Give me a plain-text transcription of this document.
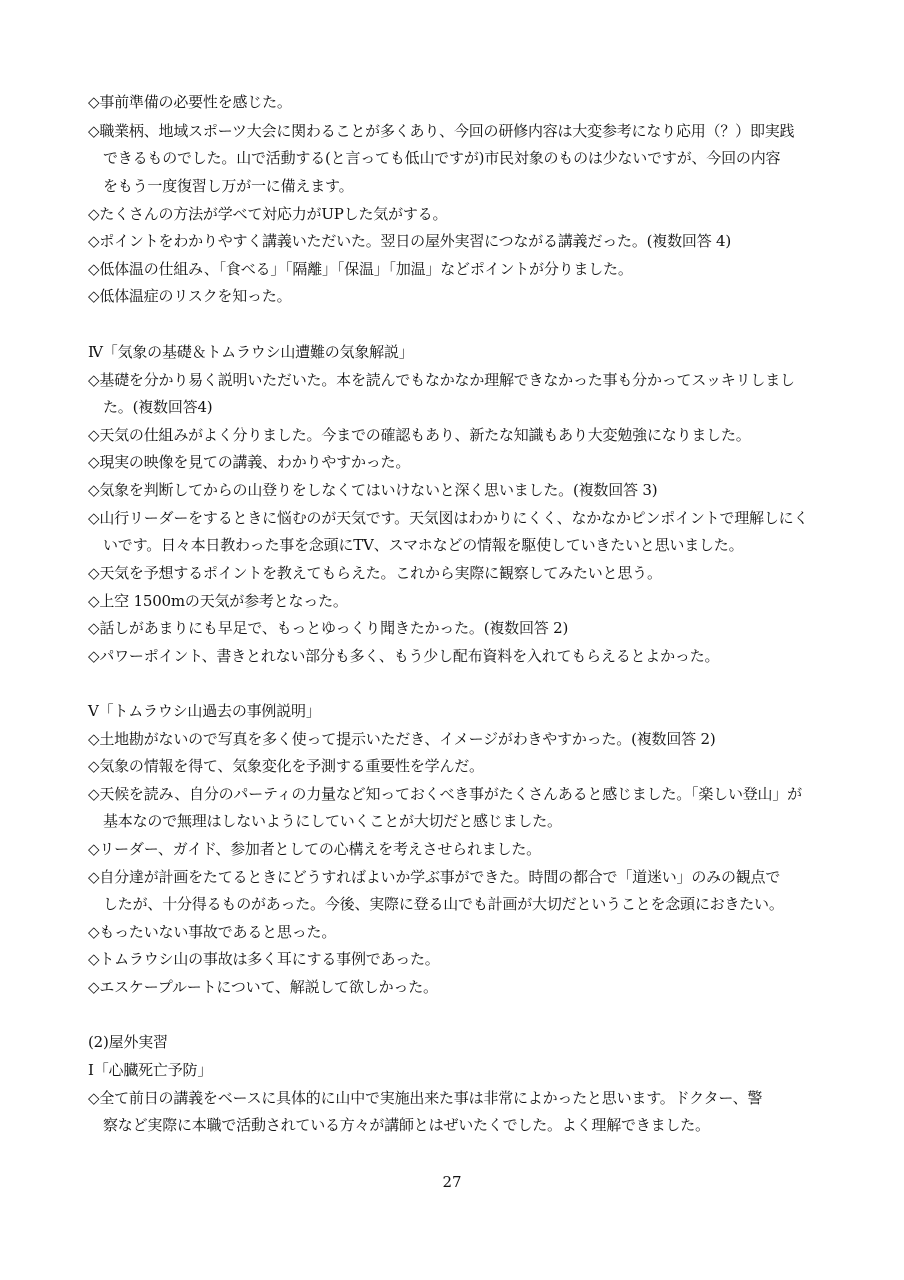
◇事前準備の必要性を感じた。
◇職業柄、地域スポーツ大会に関わることが多くあり、今回の研修内容は大変参考になり応用（？）即実践
できるものでした。山で活動する(と言っても低山ですが)市民対象のものは少ないですが、今回の内容
をもう一度復習し万が一に備えます。
◇たくさんの方法が学べて対応力がUPした気がする。
◇ポイントをわかりやすく講義いただいた。翌日の屋外実習につながる講義だった。(複数回答 4)
◇低体温の仕組み、「食べる」「隔離」「保温」「加温」などポイントが分りました。
◇低体温症のリスクを知った。
Ⅳ「気象の基礎＆トムラウシ山遭難の気象解説」
◇基礎を分かり易く説明いただいた。本を読んでもなかなか理解できなかった事も分かってスッキリしまし
た。(複数回答4)
◇天気の仕組みがよく分りました。今までの確認もあり、新たな知識もあり大変勉強になりました。
◇現実の映像を見ての講義、わかりやすかった。
◇気象を判断してからの山登りをしなくてはいけないと深く思いました。(複数回答 3)
◇山行リーダーをするときに悩むのが天気です。天気図はわかりにくく、なかなかピンポイントで理解しにく
いです。日々本日教わった事を念頭にTV、スマホなどの情報を駆使していきたいと思いました。
◇天気を予想するポイントを教えてもらえた。これから実際に観察してみたいと思う。
◇上空 1500mの天気が参考となった。
◇話しがあまりにも早足で、もっとゆっくり聞きたかった。(複数回答 2)
◇パワーポイント、書きとれない部分も多く、もう少し配布資料を入れてもらえるとよかった。
Ⅴ「トムラウシ山過去の事例説明」
◇土地勘がないので写真を多く使って提示いただき、イメージがわきやすかった。(複数回答 2)
◇気象の情報を得て、気象変化を予測する重要性を学んだ。
◇天候を読み、自分のパーティの力量など知っておくべき事がたくさんあると感じました。「楽しい登山」が
基本なので無理はしないようにしていくことが大切だと感じました。
◇リーダー、ガイド、参加者としての心構えを考えさせられました。
◇自分達が計画をたてるときにどうすればよいか学ぶ事ができた。時間の都合で「道迷い」のみの観点で
したが、十分得るものがあった。今後、実際に登る山でも計画が大切だということを念頭におきたい。
◇もったいない事故であると思った。
◇トムラウシ山の事故は多く耳にする事例であった。
◇エスケープルートについて、解説して欲しかった。
(2)屋外実習
Ⅰ「心臓死亡予防」
◇全て前日の講義をベースに具体的に山中で実施出来た事は非常によかったと思います。ドクター、警
察など実際に本職で活動されている方々が講師とはぜいたくでした。よく理解できました。
27
